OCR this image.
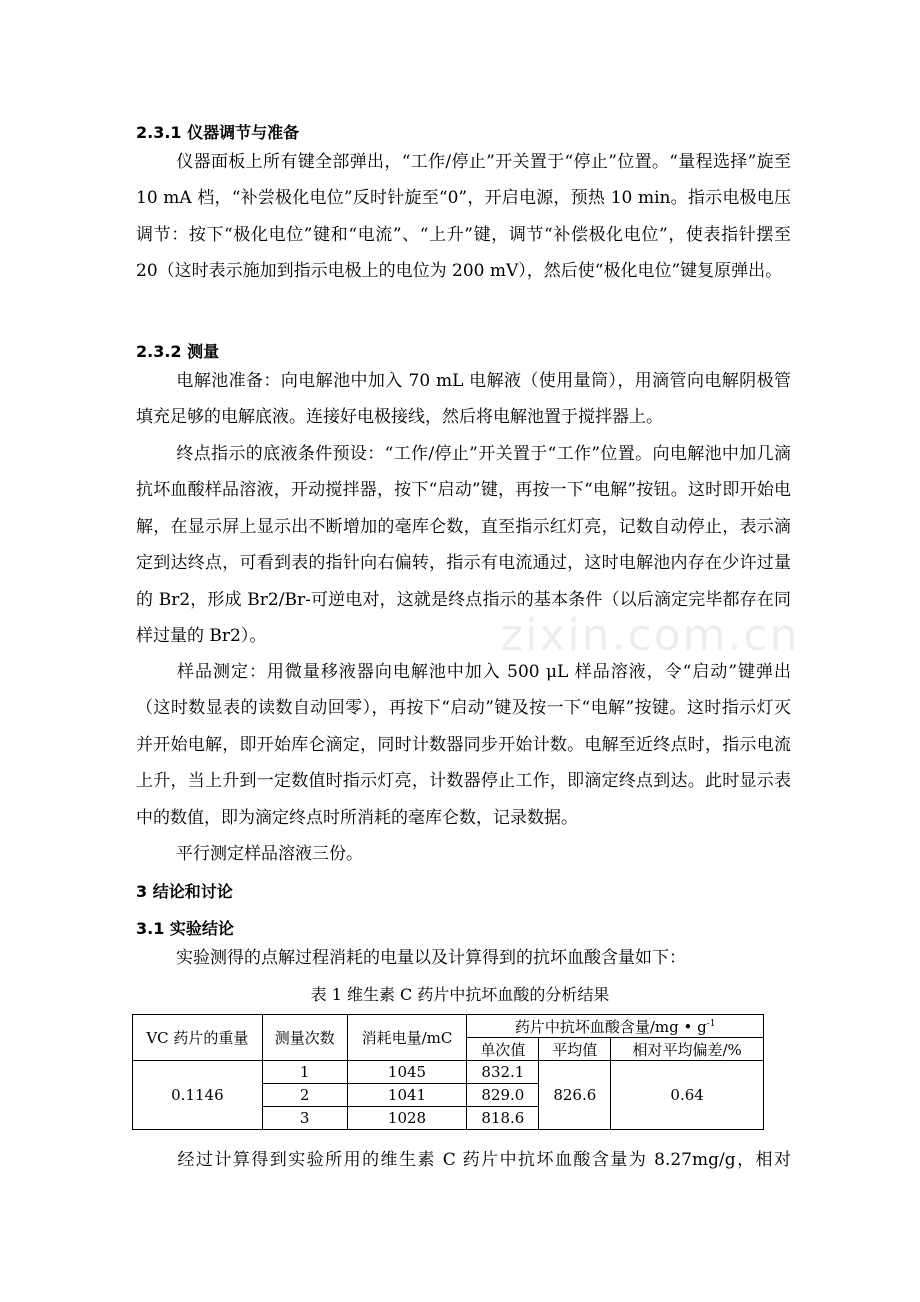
zixin.com.cn
2.3.1 仪器调节与准备
仪器面板上所有键全部弹出，“工作/停止”开关置于“停止”位置。“量程选择”旋至 10 mA 档，“补尝极化电位”反时针旋至“0”，开启电源，预热 10 min。指示电极电压调节：按下“极化电位”键和“电流”、“上升”键，调节“补偿极化电位”，使表指针摆至 20（这时表示施加到指示电极上的电位为 200 mV），然后使“极化电位”键复原弹出。
2.3.2 测量
电解池准备：向电解池中加入 70 mL 电解液（使用量筒），用滴管向电解阴极管填充足够的电解底液。连接好电极接线，然后将电解池置于搅拌器上。
终点指示的底液条件预设：“工作/停止”开关置于“工作”位置。向电解池中加几滴抗坏血酸样品溶液，开动搅拌器，按下“启动”键，再按一下“电解”按钮。这时即开始电解，在显示屏上显示出不断增加的毫库仑数，直至指示红灯亮，记数自动停止，表示滴定到达终点，可看到表的指针向右偏转，指示有电流通过，这时电解池内存在少许过量的 Br2，形成 Br2/Br-可逆电对，这就是终点指示的基本条件（以后滴定完毕都存在同样过量的 Br2）。
样品测定：用微量移液器向电解池中加入 500 μL 样品溶液，令“启动”键弹出（这时数显表的读数自动回零），再按下“启动”键及按一下“电解”按键。这时指示灯灭并开始电解，即开始库仑滴定，同时计数器同步开始计数。电解至近终点时，指示电流上升，当上升到一定数值时指示灯亮，计数器停止工作，即滴定终点到达。此时显示表中的数值，即为滴定终点时所消耗的毫库仑数，记录数据。
平行测定样品溶液三份。
3 结论和讨论
3.1 实验结论
实验测得的点解过程消耗的电量以及计算得到的抗坏血酸含量如下：
表 1 维生素 C 药片中抗坏血酸的分析结果
VC 药片的重量	测量次数	消耗电量/mC	药片中抗坏血酸含量/mg • $g^{-1}$
			单次值	平均值	相对平均偏差/%
0.1146	1	1045	832.1	826.6	0.64
	2	1041	829.0		
	3	1028	818.6		
经过计算得到实验所用的维生素 C 药片中抗坏血酸含量为 8.27mg/g，相对
